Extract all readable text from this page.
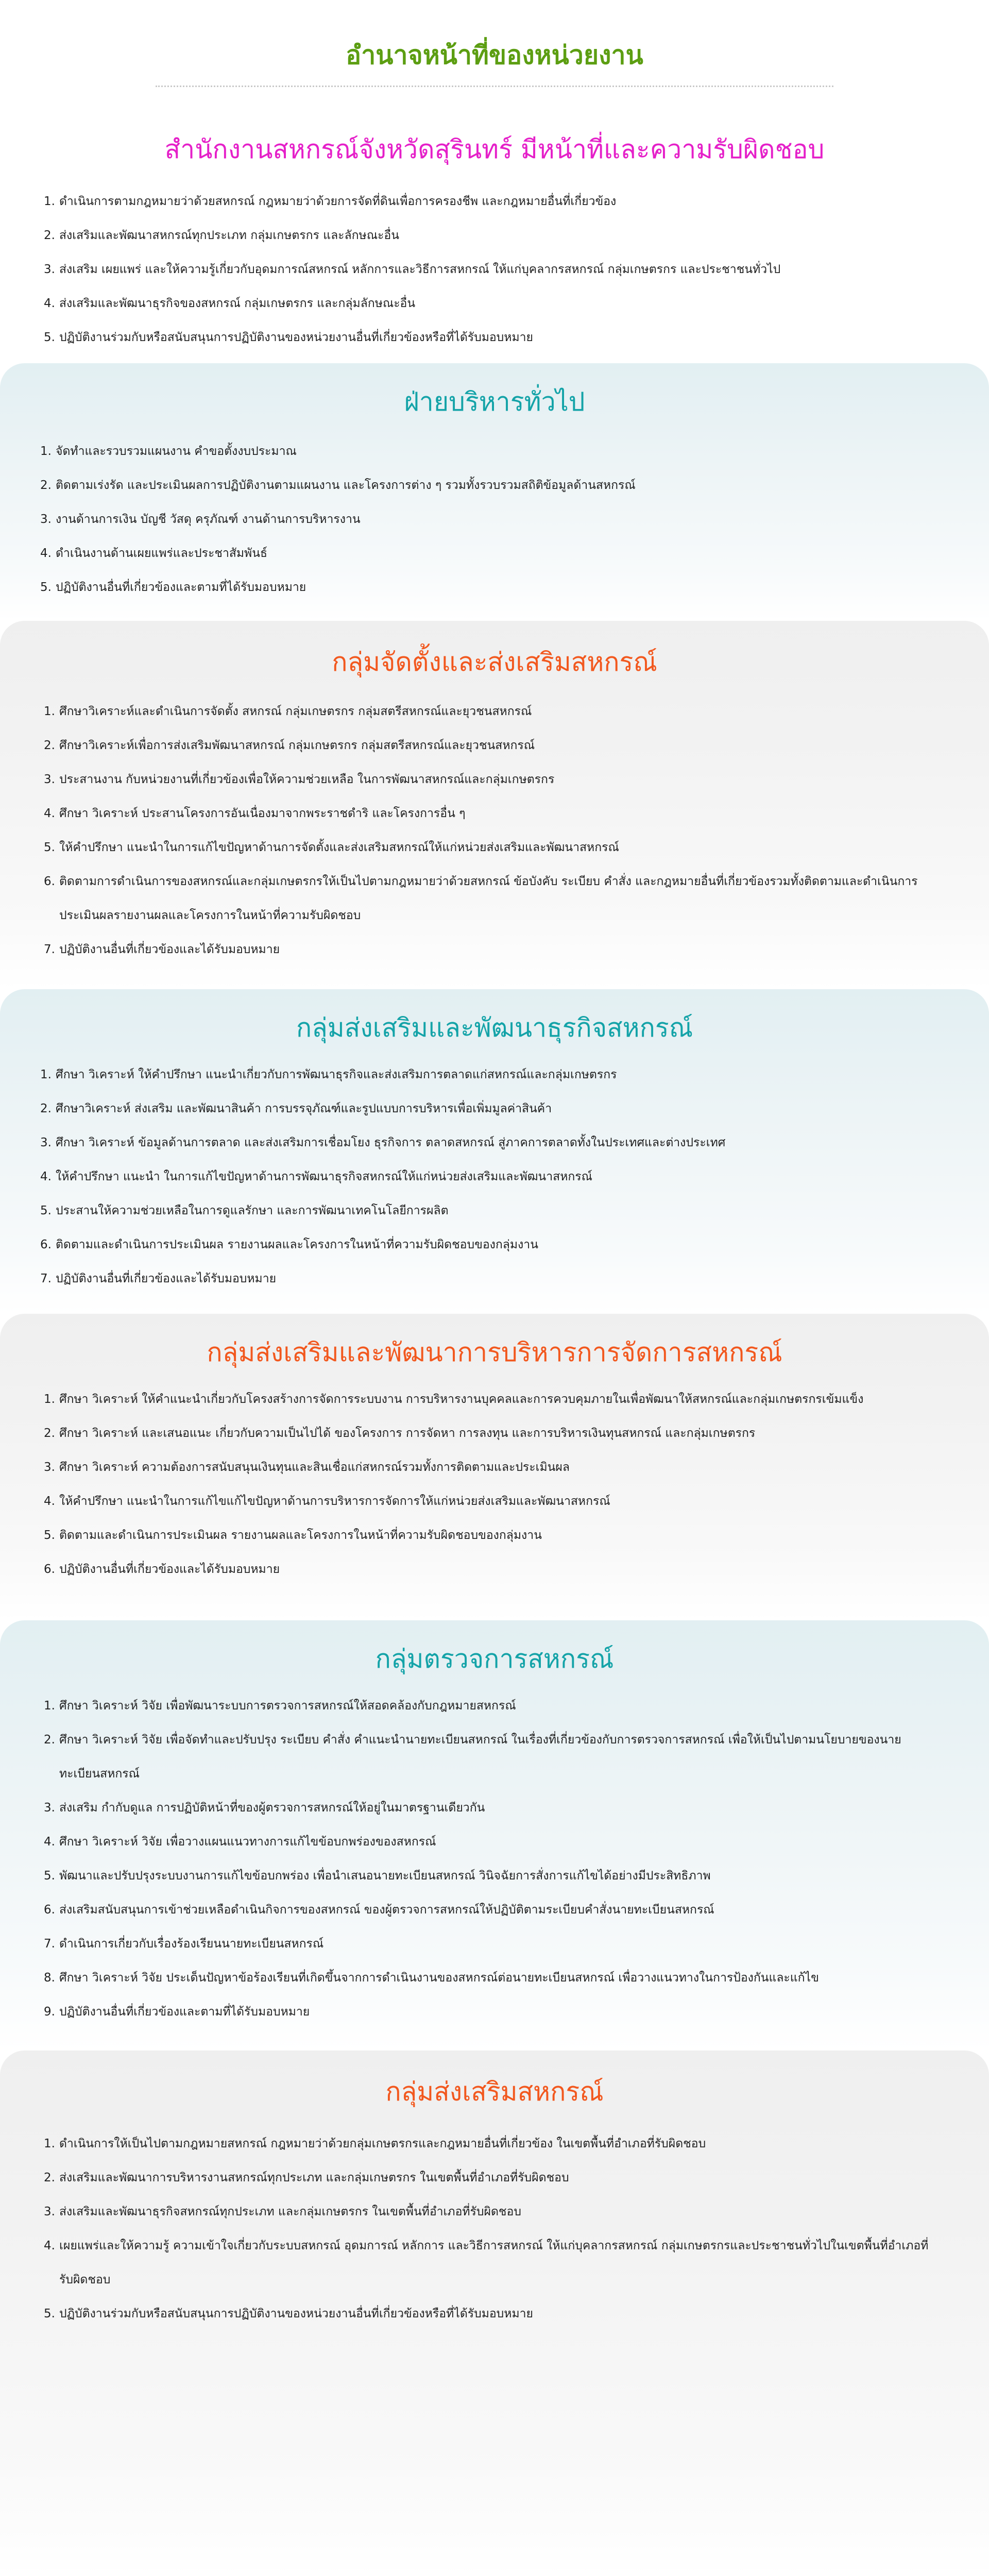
อำนาจหน้าที่ของหน่วยงาน
สำนักงานสหกรณ์จังหวัดสุรินทร์ มีหน้าที่และความรับผิดชอบ
ดำเนินการตามกฎหมายว่าด้วยสหกรณ์ กฎหมายว่าด้วยการจัดที่ดินเพื่อการครองชีพ และกฎหมายอื่นที่เกี่ยวข้อง
ส่งเสริมและพัฒนาสหกรณ์ทุกประเภท กลุ่มเกษตรกร และลักษณะอื่น
ส่งเสริม เผยแพร่ และให้ความรู้เกี่ยวกับอุดมการณ์สหกรณ์ หลักการและวิธีการสหกรณ์ ให้แก่บุคลากรสหกรณ์ กลุ่มเกษตรกร และประชาชนทั่วไป
ส่งเสริมและพัฒนาธุรกิจของสหกรณ์ กลุ่มเกษตรกร และกลุ่มลักษณะอื่น
ปฏิบัติงานร่วมกับหรือสนับสนุนการปฏิบัติงานของหน่วยงานอื่นที่เกี่ยวข้องหรือที่ได้รับมอบหมาย
ฝ่ายบริหารทั่วไป
จัดทำและรวบรวมแผนงาน คำขอตั้งงบประมาณ
ติดตามเร่งรัด และประเมินผลการปฏิบัติงานตามแผนงาน และโครงการต่าง ๆ รวมทั้งรวบรวมสถิติข้อมูลด้านสหกรณ์
งานด้านการเงิน บัญชี วัสดุ ครุภัณฑ์ งานด้านการบริหารงาน
ดำเนินงานด้านเผยแพร่และประชาสัมพันธ์
ปฏิบัติงานอื่นที่เกี่ยวข้องและตามที่ได้รับมอบหมาย
กลุ่มจัดตั้งและส่งเสริมสหกรณ์
ศึกษาวิเคราะห์และดำเนินการจัดตั้ง สหกรณ์ กลุ่มเกษตรกร กลุ่มสตรีสหกรณ์และยุวชนสหกรณ์
ศึกษาวิเคราะห์เพื่อการส่งเสริมพัฒนาสหกรณ์ กลุ่มเกษตรกร กลุ่มสตรีสหกรณ์และยุวชนสหกรณ์
ประสานงาน กับหน่วยงานที่เกี่ยวข้องเพื่อให้ความช่วยเหลือ ในการพัฒนาสหกรณ์และกลุ่มเกษตรกร
ศึกษา วิเคราะห์ ประสานโครงการอันเนื่องมาจากพระราชดำริ และโครงการอื่น ๆ
ให้คำปรึกษา แนะนำในการแก้ไขปัญหาด้านการจัดตั้งและส่งเสริมสหกรณ์ให้แก่หน่วยส่งเสริมและพัฒนาสหกรณ์
ติดตามการดำเนินการของสหกรณ์และกลุ่มเกษตรกรให้เป็นไปตามกฎหมายว่าด้วยสหกรณ์ ข้อบังคับ ระเบียบ คำสั่ง และกฎหมายอื่นที่เกี่ยวข้องรวมทั้งติดตามและดำเนินการประเมินผลรายงานผลและโครงการในหน้าที่ความรับผิดชอบ
ปฏิบัติงานอื่นที่เกี่ยวข้องและได้รับมอบหมาย
กลุ่มส่งเสริมและพัฒนาธุรกิจสหกรณ์
ศึกษา วิเคราะห์ ให้คำปรึกษา แนะนำเกี่ยวกับการพัฒนาธุรกิจและส่งเสริมการตลาดแก่สหกรณ์และกลุ่มเกษตรกร
ศึกษาวิเคราะห์ ส่งเสริม และพัฒนาสินค้า การบรรจุภัณฑ์และรูปแบบการบริหารเพื่อเพิ่มมูลค่าสินค้า
ศึกษา วิเคราะห์ ข้อมูลด้านการตลาด และส่งเสริมการเชื่อมโยง ธุรกิจการ ตลาดสหกรณ์ สู่ภาคการตลาดทั้งในประเทศและต่างประเทศ
ให้คำปรึกษา แนะนำ ในการแก้ไขปัญหาด้านการพัฒนาธุรกิจสหกรณ์ให้แก่หน่วยส่งเสริมและพัฒนาสหกรณ์
ประสานให้ความช่วยเหลือในการดูแลรักษา และการพัฒนาเทคโนโลยีการผลิต
ติดตามและดำเนินการประเมินผล รายงานผลและโครงการในหน้าที่ความรับผิดชอบของกลุ่มงาน
ปฏิบัติงานอื่นที่เกี่ยวข้องและได้รับมอบหมาย
กลุ่มส่งเสริมและพัฒนาการบริหารการจัดการสหกรณ์
ศึกษา วิเคราะห์ ให้คำแนะนำเกี่ยวกับโครงสร้างการจัดการระบบงาน การบริหารงานบุคคลและการควบคุมภายในเพื่อพัฒนาให้สหกรณ์และกลุ่มเกษตรกรเข้มแข็ง
ศึกษา วิเคราะห์ และเสนอแนะ เกี่ยวกับความเป็นไปได้ ของโครงการ การจัดหา การลงทุน และการบริหารเงินทุนสหกรณ์ และกลุ่มเกษตรกร
ศึกษา วิเคราะห์ ความต้องการสนับสนุนเงินทุนและสินเชื่อแก่สหกรณ์รวมทั้งการติดตามและประเมินผล
ให้คำปรึกษา แนะนำในการแก้ไขแก้ไขปัญหาด้านการบริหารการจัดการให้แก่หน่วยส่งเสริมและพัฒนาสหกรณ์
ติดตามและดำเนินการประเมินผล รายงานผลและโครงการในหน้าที่ความรับผิดชอบของกลุ่มงาน
ปฏิบัติงานอื่นที่เกี่ยวข้องและได้รับมอบหมาย
กลุ่มตรวจการสหกรณ์
ศึกษา วิเคราะห์ วิจัย เพื่อพัฒนาระบบการตรวจการสหกรณ์ให้สอดคล้องกับกฎหมายสหกรณ์
ศึกษา วิเคราะห์ วิจัย เพื่อจัดทำและปรับปรุง ระเบียบ คำสั่ง คำแนะนำนายทะเบียนสหกรณ์ ในเรื่องที่เกี่ยวข้องกับการตรวจการสหกรณ์ เพื่อให้เป็นไปตามนโยบายของนายทะเบียนสหกรณ์
ส่งเสริม กำกับดูแล การปฏิบัติหน้าที่ของผู้ตรวจการสหกรณ์ให้อยู่ในมาตรฐานเดียวกัน
ศึกษา วิเคราะห์ วิจัย เพื่อวางแผนแนวทางการแก้ไขข้อบกพร่องของสหกรณ์
พัฒนาและปรับปรุงระบบงานการแก้ไขข้อบกพร่อง เพื่อนำเสนอนายทะเบียนสหกรณ์ วินิจฉัยการสั่งการแก้ไขได้อย่างมีประสิทธิภาพ
ส่งเสริมสนับสนุนการเข้าช่วยเหลือดำเนินกิจการของสหกรณ์ ของผู้ตรวจการสหกรณ์ให้ปฏิบัติตามระเบียบคำสั่งนายทะเบียนสหกรณ์
ดำเนินการเกี่ยวกับเรื่องร้องเรียนนายทะเบียนสหกรณ์
ศึกษา วิเคราะห์ วิจัย ประเด็นปัญหาข้อร้องเรียนที่เกิดขึ้นจากการดำเนินงานของสหกรณ์ต่อนายทะเบียนสหกรณ์ เพื่อวางแนวทางในการป้องกันและแก้ไข
ปฏิบัติงานอื่นที่เกี่ยวข้องและตามที่ได้รับมอบหมาย
กลุ่มส่งเสริมสหกรณ์
ดำเนินการให้เป็นไปตามกฎหมายสหกรณ์ กฎหมายว่าด้วยกลุ่มเกษตรกรและกฎหมายอื่นที่เกี่ยวข้อง ในเขตพื้นที่อำเภอที่รับผิดชอบ
ส่งเสริมและพัฒนาการบริหารงานสหกรณ์ทุกประเภท และกลุ่มเกษตรกร ในเขตพื้นที่อำเภอที่รับผิดชอบ
ส่งเสริมและพัฒนาธุรกิจสหกรณ์ทุกประเภท และกลุ่มเกษตรกร ในเขตพื้นที่อำเภอที่รับผิดชอบ
เผยแพร่และให้ความรู้ ความเข้าใจเกี่ยวกับระบบสหกรณ์ อุดมการณ์ หลักการ และวิธีการสหกรณ์ ให้แก่บุคลากรสหกรณ์ กลุ่มเกษตรกรและประชาชนทั่วไปในเขตพื้นที่อำเภอที่รับผิดชอบ
ปฏิบัติงานร่วมกับหรือสนับสนุนการปฏิบัติงานของหน่วยงานอื่นที่เกี่ยวข้องหรือที่ได้รับมอบหมาย
